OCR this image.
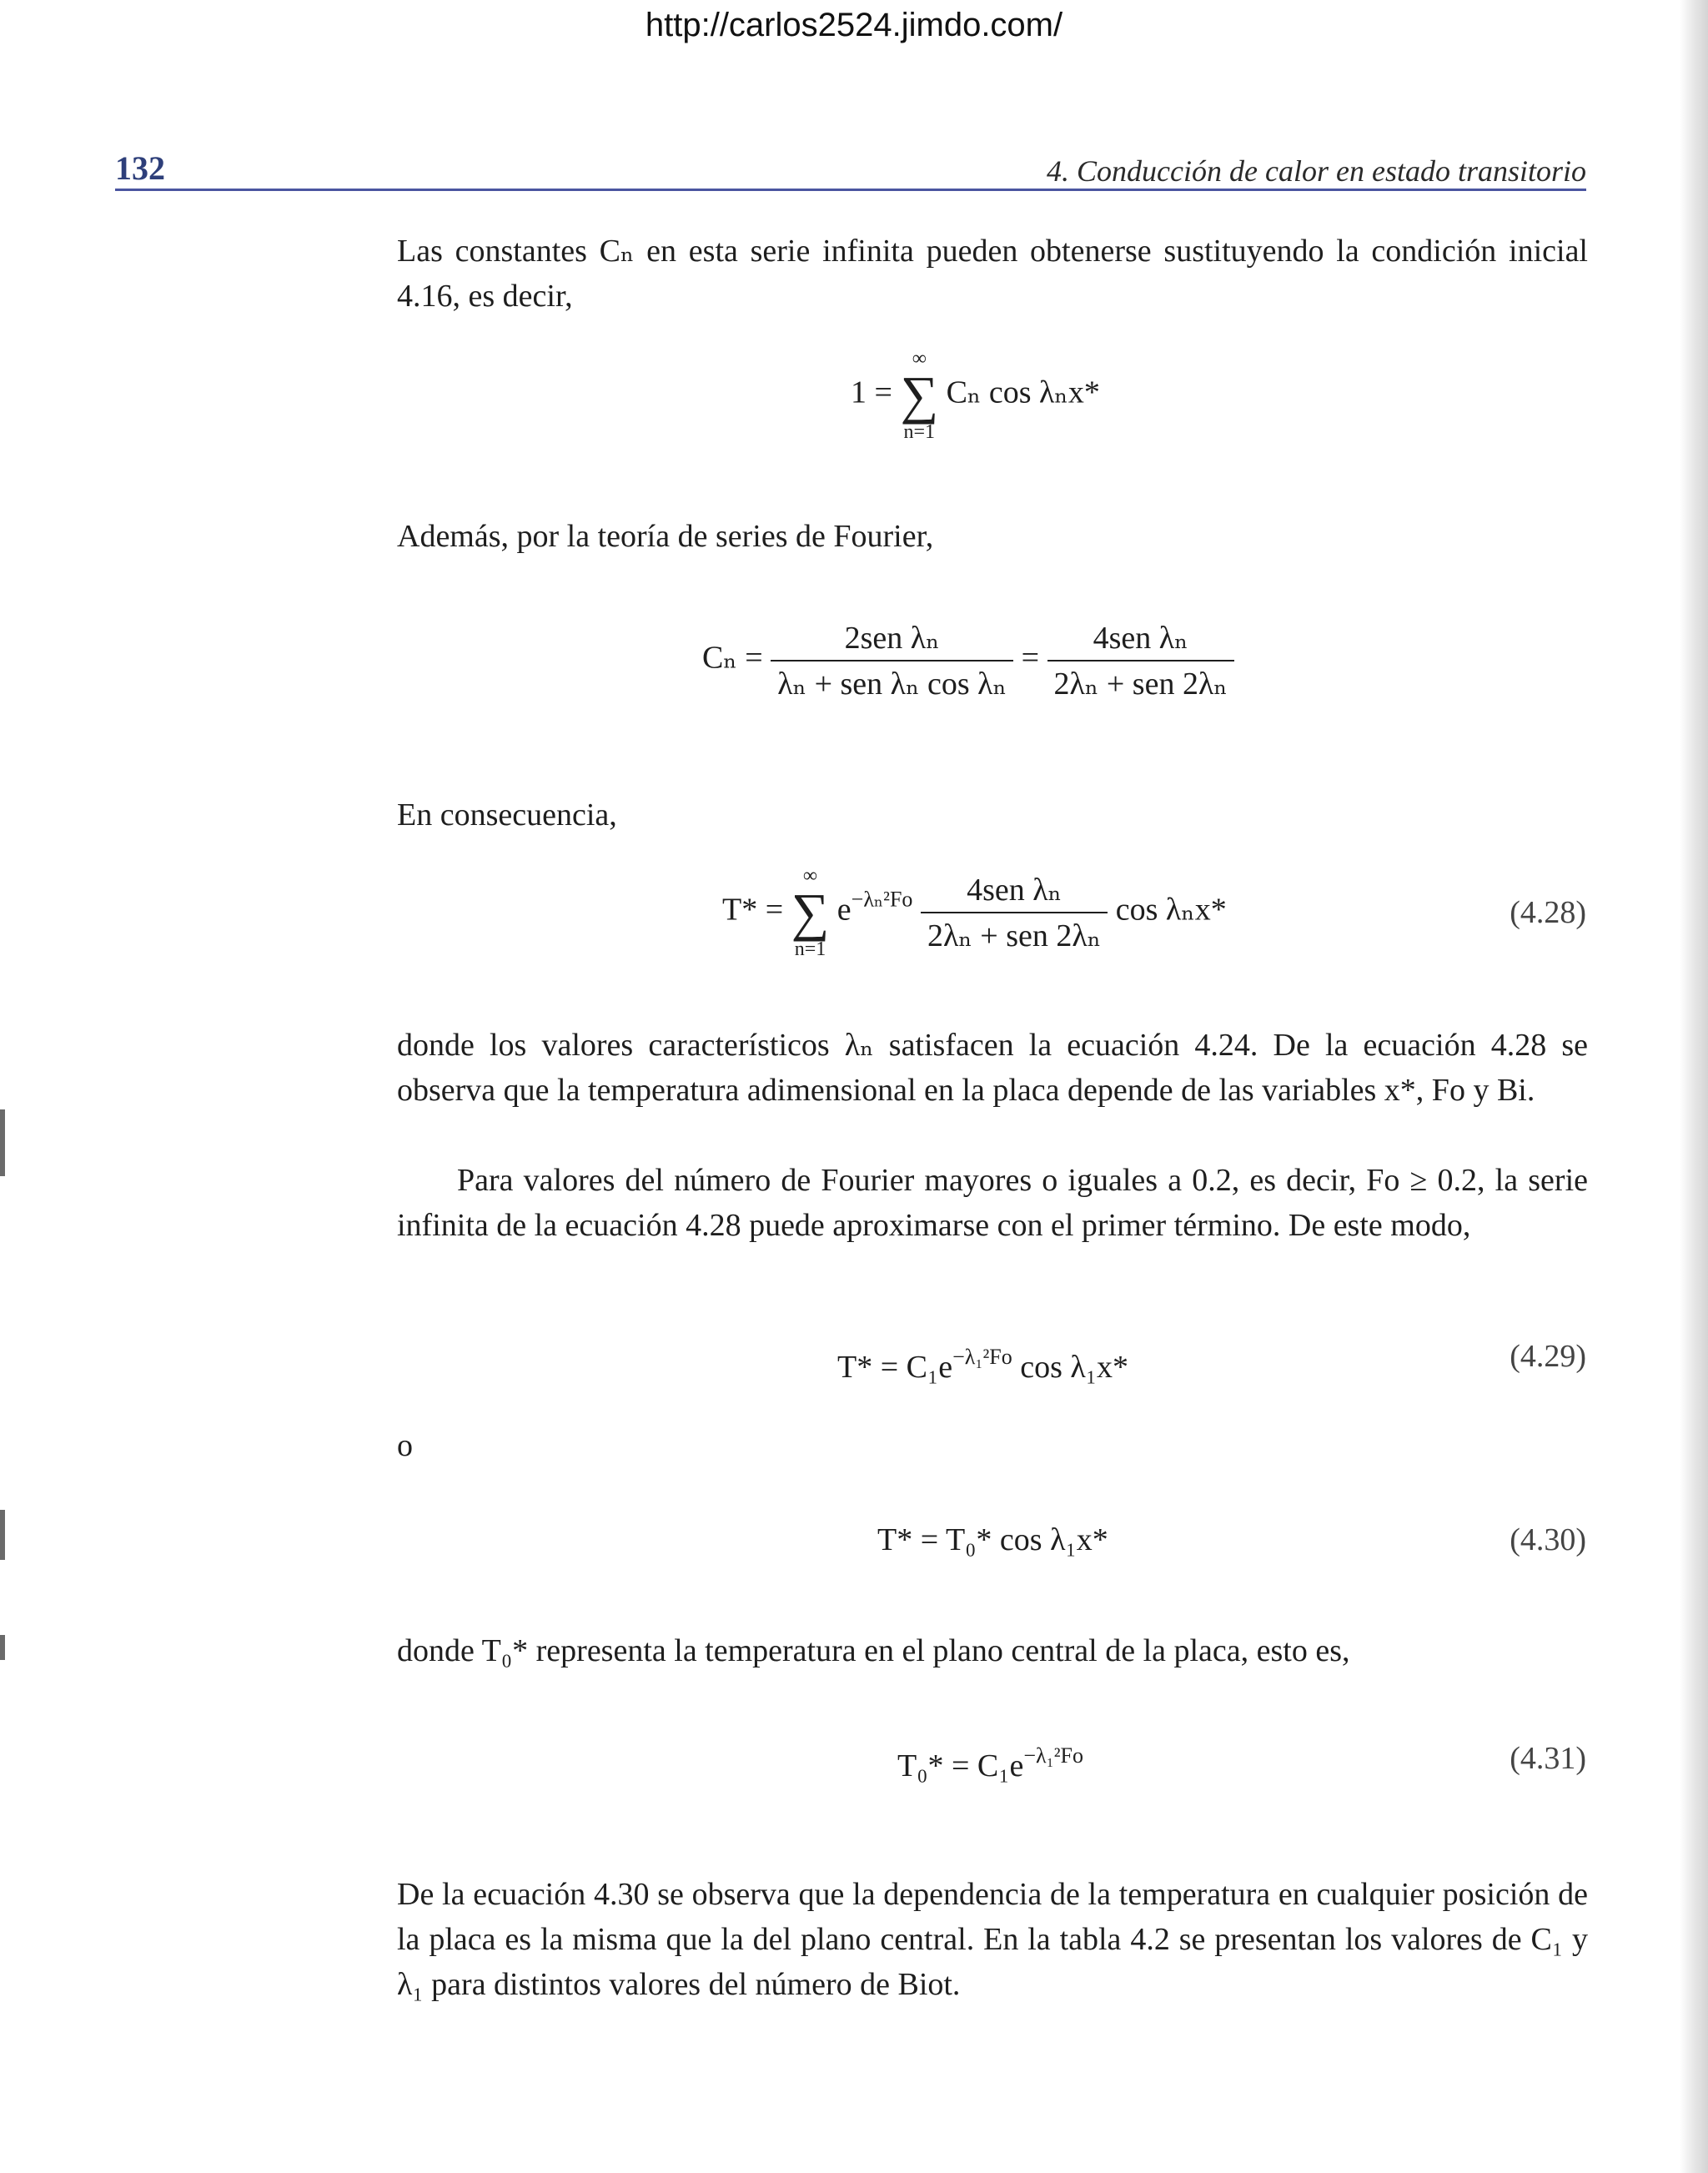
http://carlos2524.jimdo.com/
132	4. Conducción de calor en estado transitorio

Las constantes Cₙ en esta serie infinita pueden obtenerse sustituyendo la condición inicial 4.16, es decir,

1 =
∞
∑
n=1
Cₙ cos λₙx*

Además, por la teoría de series de Fourier,

$C_n = \frac{\text{2sen λₙ}}{\text{λₙ + sen λₙ cos λₙ}} = \frac{\text{4sen λₙ}}{\text{2λₙ + sen 2λₙ}}$

En consecuencia,

T* =
∞
∑
n=1
$e^{-\lambda_n^2Fo} \frac{\text{4sen λₙ}}{\text{2λₙ + sen 2λₙ}}$ cos λₙx*	(4.28)

donde los valores característicos λₙ satisfacen la ecuación 4.24. De la ecuación 4.28 se observa que la temperatura adimensional en la placa depende de las variables x*, Fo y Bi.

Para valores del número de Fourier mayores o iguales a 0.2, es decir, Fo ≥ 0.2, la serie infinita de la ecuación 4.28 puede aproximarse con el primer término. De este modo,

$T* = C_1e^{-\lambda_1^2Fo}$ cos λ₁x*	(4.29)

o

T* = T₀* cos λ₁x*	(4.30)

donde T₀* representa la temperatura en el plano central de la placa, esto es,

$T_0* = C_1e^{-\lambda_1^2Fo}$	(4.31)

De la ecuación 4.30 se observa que la dependencia de la temperatura en cualquier posición de la placa es la misma que la del plano central. En la tabla 4.2 se presentan los valores de C₁ y λ₁ para distintos valores del número de Biot.
